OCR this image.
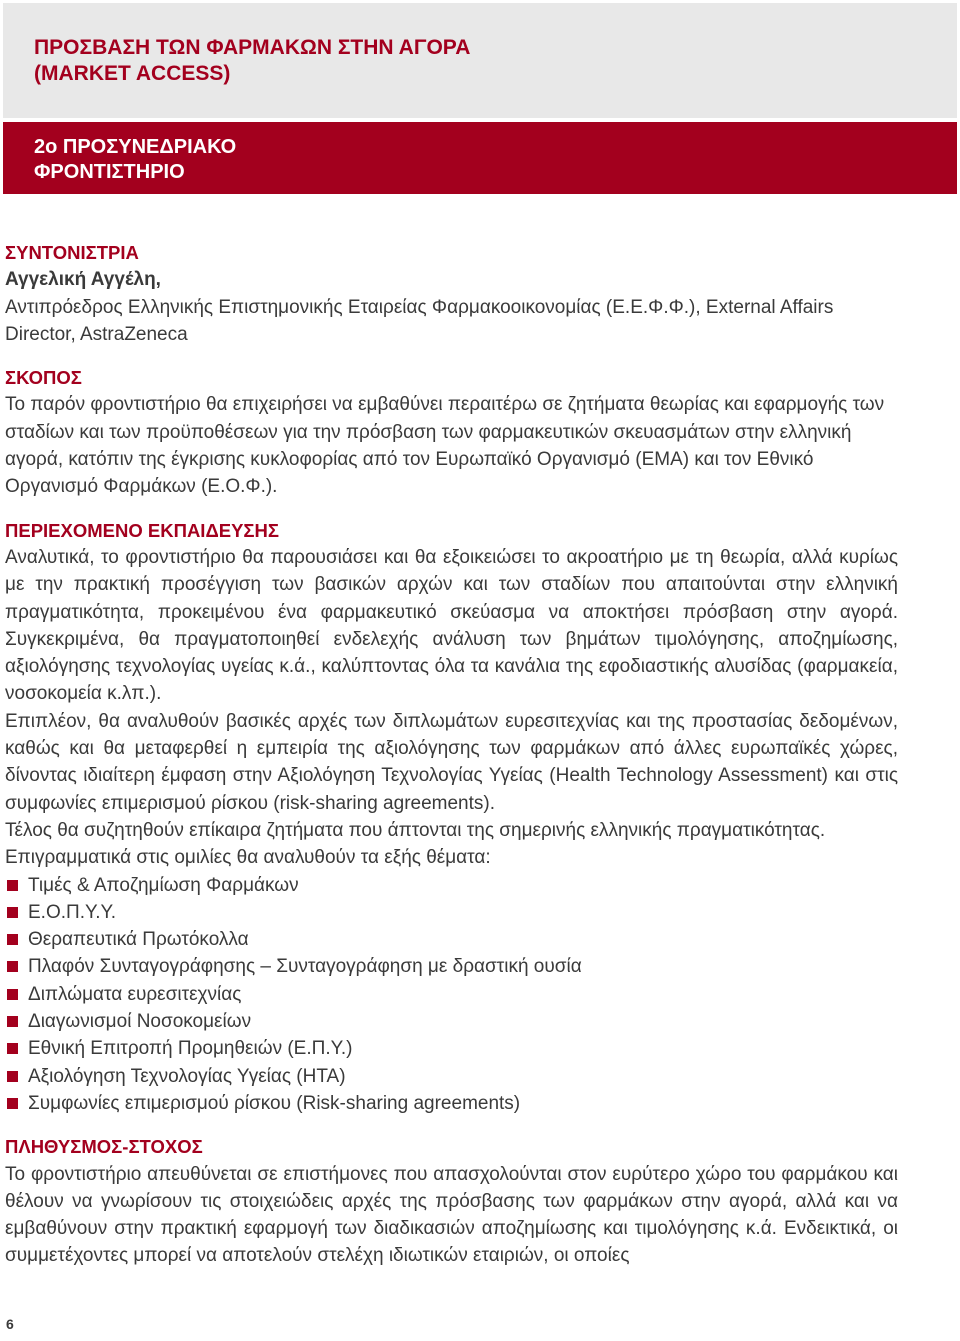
ΠΡΟΣΒΑΣΗ ΤΩΝ ΦΑΡΜΑΚΩΝ ΣΤΗΝ ΑΓΟΡΑ (MARKET ACCESS)
2ο ΠΡΟΣΥΝΕΔΡΙΑΚΟ ΦΡΟΝΤΙΣΤΗΡΙΟ
ΣΥΝΤΟΝΙΣΤΡΙΑ
Αγγελική Αγγέλη,
Αντιπρόεδρος Ελληνικής Επιστημονικής Εταιρείας Φαρμακοοικονομίας (Ε.Ε.Φ.Φ.), External Affairs Director, AstraZeneca
ΣΚΟΠΟΣ
Το παρόν φροντιστήριο θα επιχειρήσει να εμβαθύνει περαιτέρω σε ζητήματα θεωρίας και εφαρμογής των σταδίων και των προϋποθέσεων για την πρόσβαση των φαρμακευτικών σκευασμάτων στην ελληνική αγορά, κατόπιν της έγκρισης κυκλοφορίας από τον Ευρωπαϊκό Οργανισμό (ΕΜΑ) και τον Εθνικό Οργανισμό Φαρμάκων (Ε.Ο.Φ.).
ΠΕΡΙΕΧΟΜΕΝΟ ΕΚΠΑΙΔΕΥΣΗΣ
Αναλυτικά, το φροντιστήριο θα παρουσιάσει και θα εξοικειώσει το ακροατήριο με τη θεωρία, αλλά κυρίως με την πρακτική προσέγγιση των βασικών αρχών και των σταδίων που απαιτούνται στην ελληνική πραγματικότητα, προκειμένου ένα φαρμακευτικό σκεύασμα να αποκτήσει πρόσβαση στην αγορά. Συγκεκριμένα, θα πραγματοποιηθεί ενδελεχής ανάλυση των βημάτων τιμολόγησης, αποζημίωσης, αξιολόγησης τεχνολογίας υγείας κ.ά., καλύπτοντας όλα τα κανάλια της εφοδιαστικής αλυσίδας (φαρμακεία, νοσοκομεία κ.λπ.).
Επιπλέον, θα αναλυθούν βασικές αρχές των διπλωμάτων ευρεσιτεχνίας και της προστασίας δεδομένων, καθώς και θα μεταφερθεί η εμπειρία της αξιολόγησης των φαρμάκων από άλλες ευρωπαϊκές χώρες, δίνοντας ιδιαίτερη έμφαση στην Αξιολόγηση Τεχνολογίας Υγείας (Health Technology Assessment) και στις συμφωνίες επιμερισμού ρίσκου (risk-sharing agreements).
Τέλος θα συζητηθούν επίκαιρα ζητήματα που άπτονται της σημερινής ελληνικής πραγματικότητας.
Επιγραμματικά στις ομιλίες θα αναλυθούν τα εξής θέματα:
Τιμές & Αποζημίωση Φαρμάκων
Ε.Ο.Π.Υ.Υ.
Θεραπευτικά Πρωτόκολλα
Πλαφόν Συνταγογράφησης – Συνταγογράφηση με δραστική ουσία
Διπλώματα ευρεσιτεχνίας
Διαγωνισμοί Νοσοκομείων
Εθνική Επιτροπή Προμηθειών (Ε.Π.Υ.)
Αξιολόγηση Τεχνολογίας Υγείας (HTA)
Συμφωνίες επιμερισμού ρίσκου (Risk-sharing agreements)
ΠΛΗΘΥΣΜΟΣ-ΣΤΟΧΟΣ
Το φροντιστήριο απευθύνεται σε επιστήμονες που απασχολούνται στον ευρύτερο χώρο του φαρμάκου και θέλουν να γνωρίσουν τις στοιχειώδεις αρχές της πρόσβασης των φαρμάκων στην αγορά, αλλά και να εμβαθύνουν στην πρακτική εφαρμογή των διαδικασιών αποζημίωσης και τιμολόγησης κ.ά. Ενδεικτικά, οι συμμετέχοντες μπορεί να αποτελούν στελέχη ιδιωτικών εταιριών, οι οποίες
6
